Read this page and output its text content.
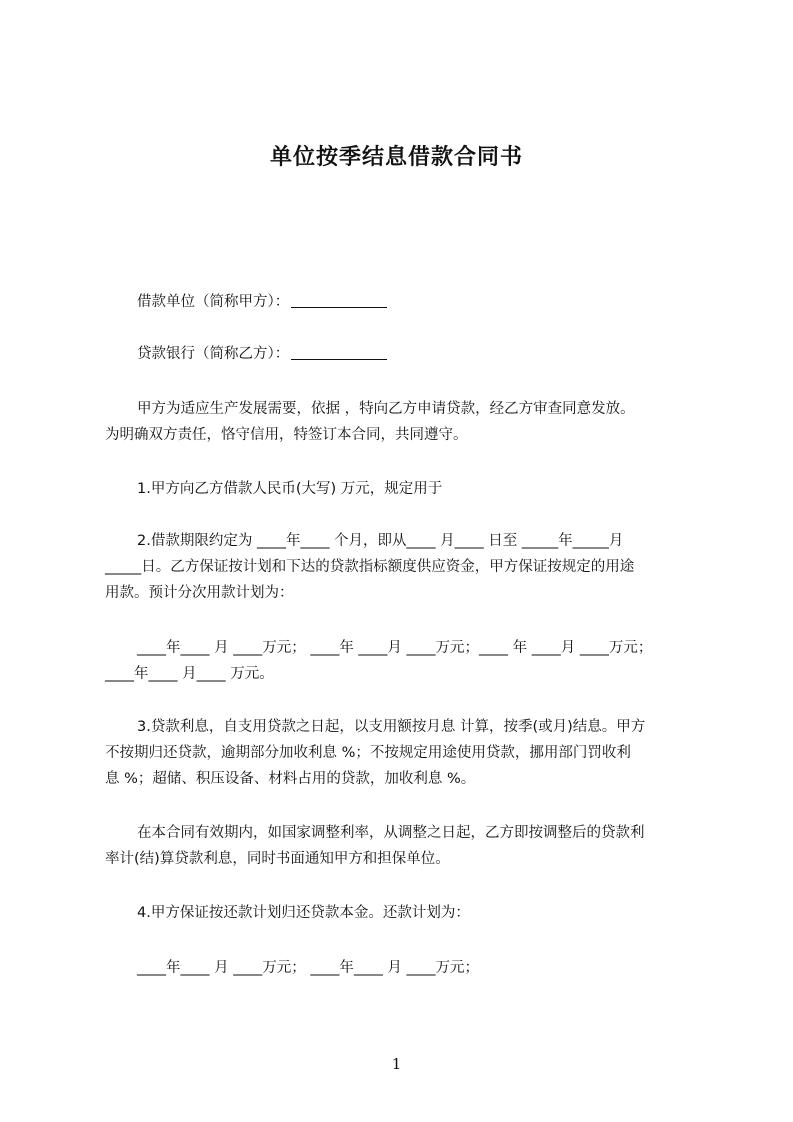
单位按季结息借款合同书
借款单位（简称甲方）：
贷款银行（简称乙方）：
甲方为适应生产发展需要，依据 ，特向乙方申请贷款，经乙方审查同意发放。
为明确双方责任，恪守信用，特签订本合同，共同遵守。
1.甲方向乙方借款人民币(大写) 万元，规定用于
2.借款期限约定为 ____年____ 个月，即从____ 月____ 日至 _____年_____月
_____日。乙方保证按计划和下达的贷款指标额度供应资金，甲方保证按规定的用途
用款。预计分次用款计划为：
____年____ 月 ____万元； ____年 ____月 ____万元；____ 年 ____月 ____万元；
____年____ 月____ 万元。
3.贷款利息，自支用贷款之日起，以支用额按月息 计算，按季(或月)结息。甲方
不按期归还贷款，逾期部分加收利息 %；不按规定用途使用贷款，挪用部门罚收利
息 %；超储、积压设备、材料占用的贷款，加收利息 %。
在本合同有效期内，如国家调整利率，从调整之日起，乙方即按调整后的贷款利
率计(结)算贷款利息，同时书面通知甲方和担保单位。
4.甲方保证按还款计划归还贷款本金。还款计划为：
____年____ 月 ____万元； ____年____ 月 ____万元；
1
